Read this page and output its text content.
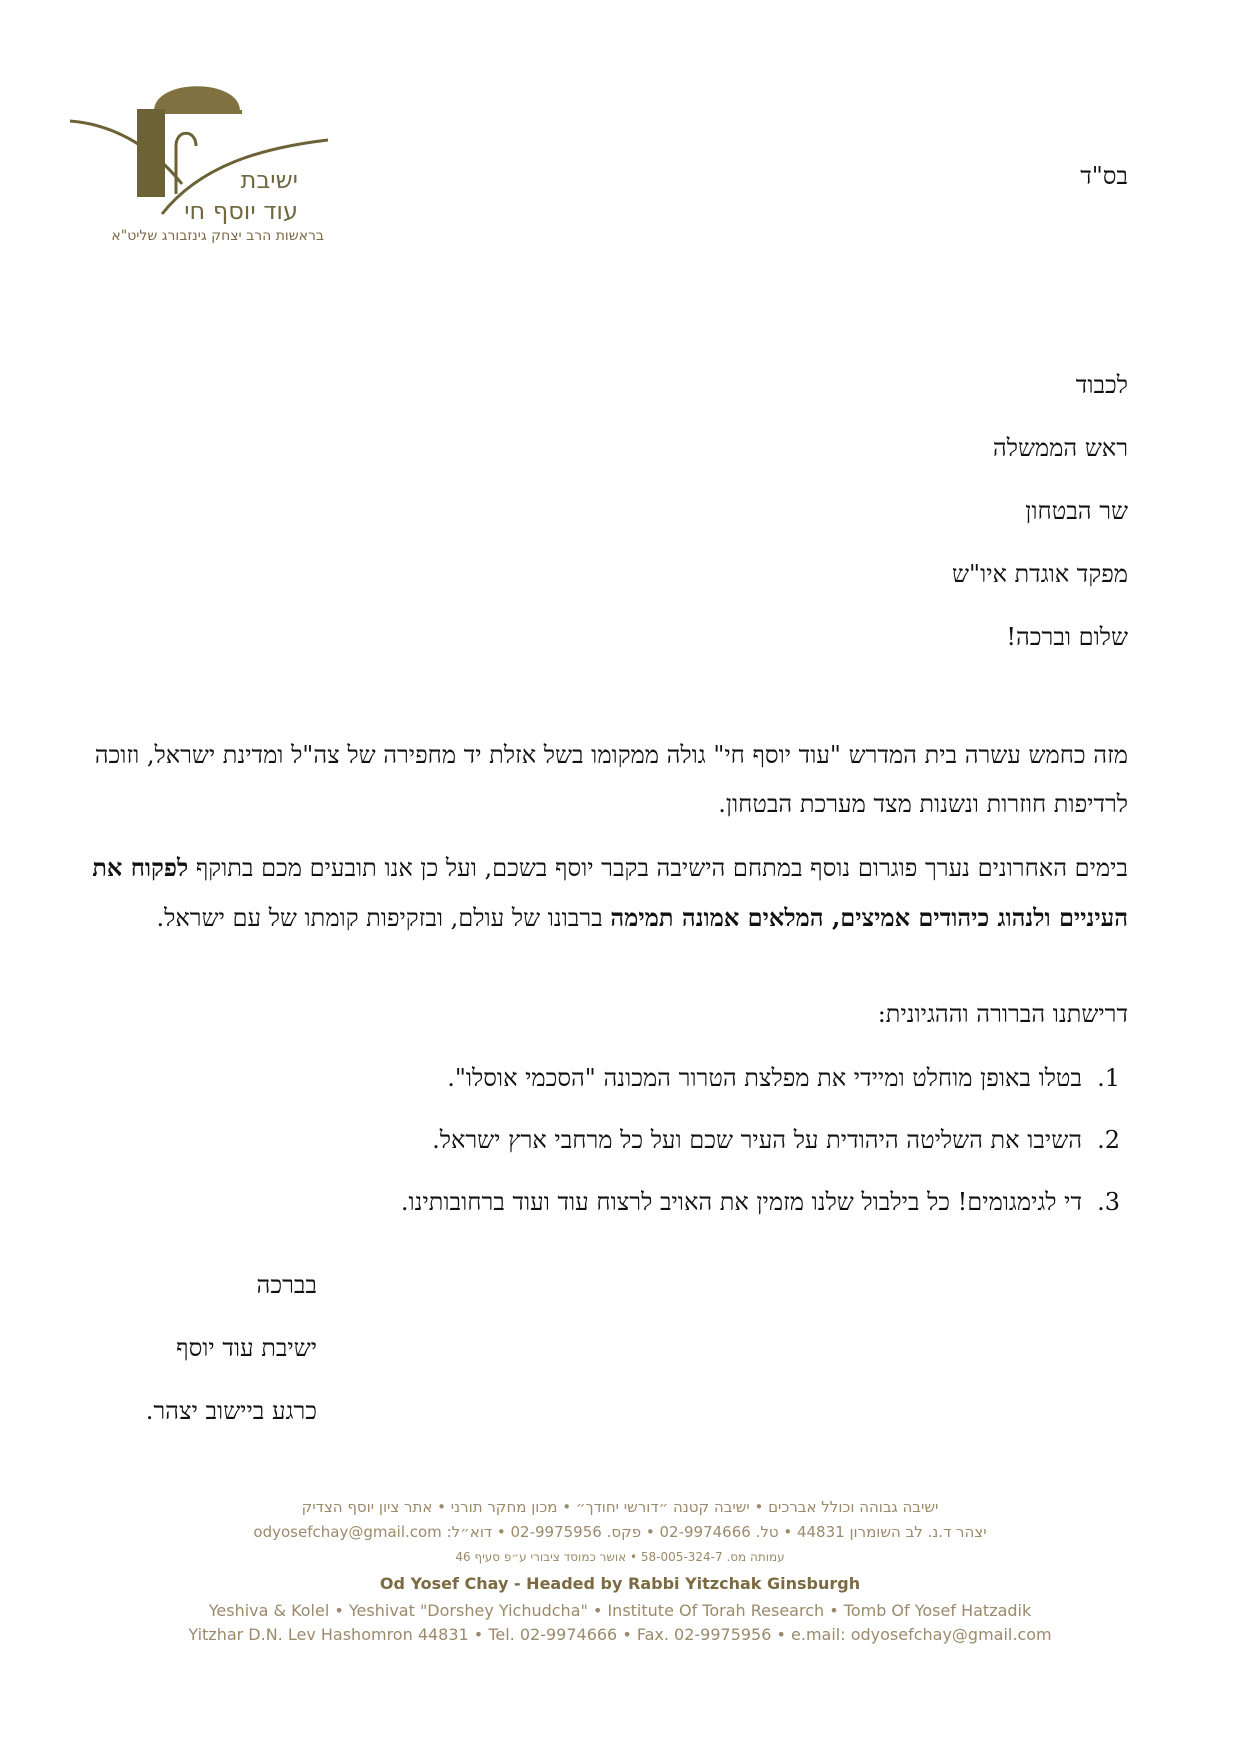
ישיבת
עוד יוסף חי
בראשות הרב יצחק גינזבורג שליט"א
בס"ד
לכבוד
ראש הממשלה
שר הבטחון
מפקד אוגדת איו"ש
שלום וברכה!

מזה כחמש עשרה בית המדרש "עוד יוסף חי" גולה ממקומו בשל אזלת יד מחפירה של צה"ל ומדינת ישראל, וזוכה לרדיפות חוזרות ונשנות מצד מערכת הבטחון.

בימים האחרונים נערך פוגרום נוסף במתחם הישיבה בקבר יוסף בשכם, ועל כן אנו תובעים מכם בתוקף לפקוח את העיניים ולנהוג כיהודים אמיצים, המלאים אמונה תמימה ברבונו של עולם, ובזקיפות קומתו של עם ישראל.

דרישתנו הברורה וההגיונית:
1.
בטלו באופן מוחלט ומיידי את מפלצת הטרור המכונה "הסכמי אוסלו".
2.
השיבו את השליטה היהודית על העיר שכם ועל כל מרחבי ארץ ישראל.
3.
די לגימגומים! כל בילבול שלנו מזמין את האויב לרצוח עוד ועוד ברחובותינו.
בברכה
ישיבת עוד יוסף
כרגע ביישוב יצהר.
ישיבה גבוהה וכולל אברכים • ישיבה קטנה ״דורשי יחודך״ • מכון מחקר תורני • אתר ציון יוסף הצדיק
יצהר ד.נ. לב השומרון 44831 • טל. 02-9974666 • פקס. 02-9975956 • דוא״ל: odyosefchay@gmail.com
עמותה מס. 58-005-324-7 • אושר כמוסד ציבורי ע״פ סעיף 46
Od Yosef Chay - Headed by Rabbi Yitzchak Ginsburgh
Yeshiva & Kolel • Yeshivat "Dorshey Yichudcha" • Institute Of Torah Research • Tomb Of Yosef Hatzadik
Yitzhar D.N. Lev Hashomron 44831 • Tel. 02-9974666 • Fax. 02-9975956 • e.mail: odyosefchay@gmail.com
